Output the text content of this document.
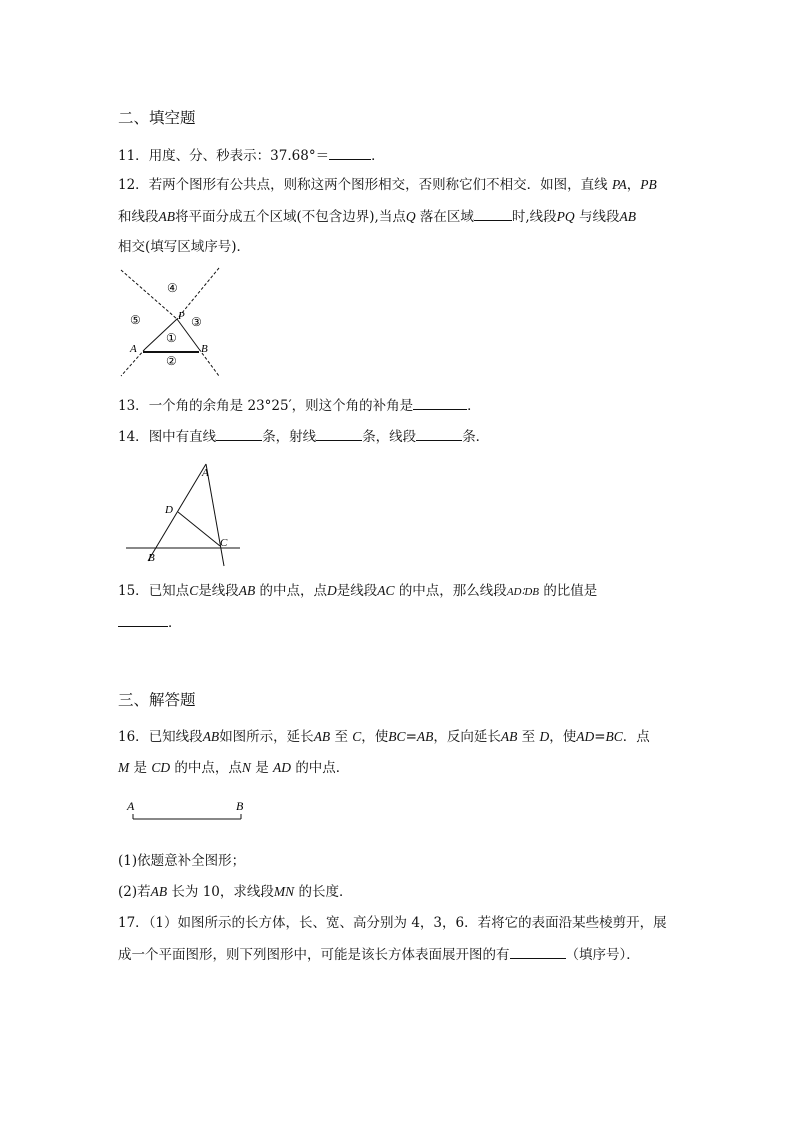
二、填空题
11．用度、分、秒表示：37.68°＝	．
12．若两个图形有公共点，则称这两个图形相交，否则称它们不相交．如图，直线 PA，PB
和线段AB将平面分成五个区域(不包含边界),当点Q 落在区域	时,线段PQ 与线段AB
相交(填写区域序号)．
④
⑤	③
①
②
P
A	B
13．一个角的余角是 23°25′，则这个角的补角是	．
14．图中有直线	条，射线	条，线段	条．
A
D
B
C
15．已知点C是线段AB 的中点，点D是线段AC 的中点，那么线段AD∶DB 的比值是
．
三、解答题
16．已知线段AB如图所示，延长AB 至 C，使BC=AB，反向延长AB 至 D，使AD=BC．点
M 是 CD 的中点，点N 是 AD 的中点．
A	B
(1)依题意补全图形；
(2)若AB 长为 10，求线段MN 的长度．
17．（1）如图所示的长方体，长、宽、高分别为 4，3，6．若将它的表面沿某些棱剪开，展
成一个平面图形，则下列图形中，可能是该长方体表面展开图的有	（填序号）．
